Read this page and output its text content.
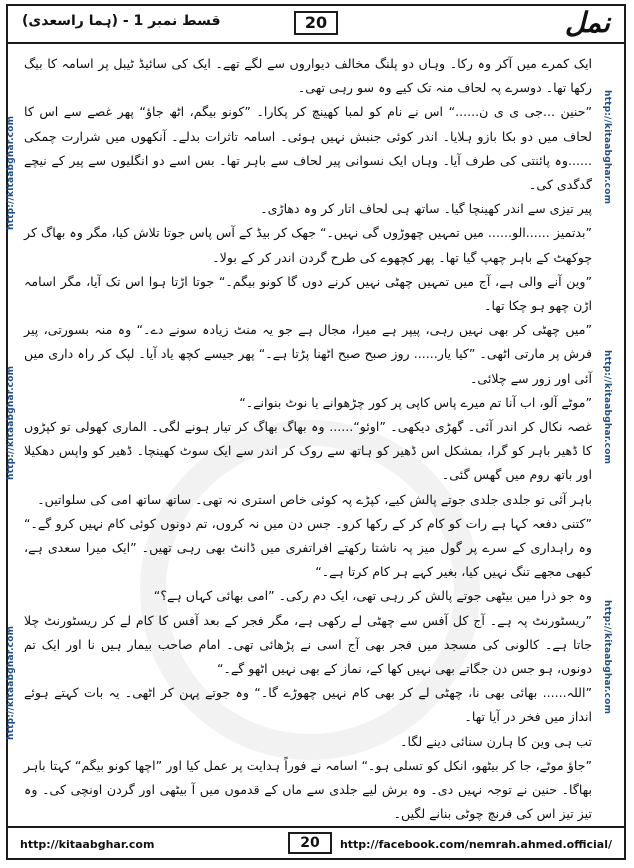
قسط نمبر 1 - (ہما راسعدی)	20	نمل
http://kitaabghar.com
http://kitaabghar.com
http://kitaabghar.com
http://kitaabghar.com
http://kitaabghar.com
http://kitaabghar.com

ایک کمرے میں آکر وہ رکا۔ وہاں دو پلنگ مخالف دیواروں سے لگے تھے۔ ایک کی سائیڈ ٹیبل پر اسامہ کا بیگ رکھا تھا۔ دوسرے پہ لحاف منہ تک کیے وہ سو رہی تھی۔

”حنین ...جی ی ی ن......“ اس نے نام کو لمبا کھینچ کر پکارا۔ ”کونو بیگم، اٹھ جاؤ“ پھر غصے سے اس کا لحاف میں دو بکا بازو ہلایا۔ اندر کوئی جنبش نہیں ہوئی۔ اسامہ تاثرات بدلے۔ آنکھوں میں شرارت چمکی ......وہ پائنتی کی طرف آیا۔ وہاں ایک نسوانی پیر لحاف سے باہر تھا۔ بس اسے دو انگلیوں سے پیر کے نیچے گدگدی کی۔

پیر تیزی سے اندر کھینچا گیا۔ ساتھ ہی لحاف اتار کر وہ دھاڑی۔

”بدتمیز ......الو...... میں تمہیں چھوڑوں گی نہیں۔“ جھک کر بیڈ کے آس پاس جوتا تلاش کیا، مگر وہ بھاگ کر چوکھٹ کے باہر چھپ گیا تھا۔ پھر کچھوے کی طرح گردن اندر کر کے بولا۔

”وین آنے والی ہے، آج میں تمہیں چھٹی نہیں کرنے دوں گا کونو بیگم۔“ جوتا اڑتا ہوا اس تک آیا، مگر اسامہ اڑن چھو ہو چکا تھا۔

”میں چھٹی کر بھی نہیں رہی، پیپر ہے میرا، مجال ہے جو یہ منٹ زیادہ سونے دے۔“ وہ منہ بسورتی، پیر فرش پر مارتی اٹھی۔ ”کیا یار...... روز صبح صبح اٹھنا پڑتا ہے۔“ پھر جیسے کچھ یاد آیا۔ لپک کر راہ داری میں آئی اور زور سے چلائی۔

”موٹے آلو، اب آنا تم میرے پاس کاپی پر کور چڑھوانے یا نوٹ بنوانے۔“

غصہ نکال کر اندر آئی۔ گھڑی دیکھی۔ ”اوئو“...... وہ بھاگ بھاگ کر تیار ہونے لگی۔ الماری کھولی تو کپڑوں کا ڈھیر باہر کو گرا، بمشکل اس ڈھیر کو ہاتھ سے روک کر اندر سے ایک سوٹ کھینچا۔ ڈھیر کو واپس دھکیلا اور باتھ روم میں گھس گئی۔

باہر آئی تو جلدی جلدی جوتے پالش کیے، کپڑے پہ کوئی خاص استری نہ تھی۔ ساتھ ساتھ امی کی سلواتیں۔

”کتنی دفعہ کہا ہے رات کو کام کر کے رکھا کرو۔ جس دن میں نہ کروں، تم دونوں کوئی کام نہیں کرو گے۔“ وہ راہداری کے سرے پر گول میز پہ ناشتا رکھتے افراتفری میں ڈانٹ بھی رہی تھیں۔ ”ایک میرا سعدی ہے، کبھی مجھے تنگ نہیں کیا، بغیر کہے ہر کام کرتا ہے۔“

وہ جو ذرا میں بیٹھی جوتے پالش کر رہی تھی، ایک دم رکی۔ ”امی بھائی کہاں ہے؟“

”ریسٹورنٹ پہ ہے۔ آج کل آفس سے چھٹی لے رکھی ہے، مگر فجر کے بعد آفس کا کام لے کر ریسٹورنٹ چلا جاتا ہے۔ کالونی کی مسجد میں فجر بھی آج اسی نے پڑھائی تھی۔ امام صاحب بیمار ہیں نا اور ایک تم دونوں، ہو جس دن جگاتے بھی نہیں کھا کے، نماز کے بھی نہیں اٹھو گے۔“

”اللہ...... بھائی بھی نا، چھٹی لے کر بھی کام نہیں چھوڑے گا۔“ وہ جوتے پہن کر اٹھی۔ یہ بات کہتے ہوئے انداز میں فخر در آیا تھا۔

تب ہی وین کا ہارن سنائی دینے لگا۔

”جاؤ موٹے، جا کر بیٹھو، انکل کو تسلی ہو۔“ اسامہ نے فوراً ہدایت پر عمل کیا اور ”اچھا کونو بیگم“ کہتا باہر بھاگا۔ حنین نے توجہ نہیں دی۔ وہ برش لیے جلدی سے ماں کے قدموں میں آ بیٹھی اور گردن اونچی کی۔ وہ تیز تیز اس کی فرنچ چوٹی بنانے لگیں۔

http://kitaabghar.com	20	http://facebook.com/nemrah.ahmed.official/
